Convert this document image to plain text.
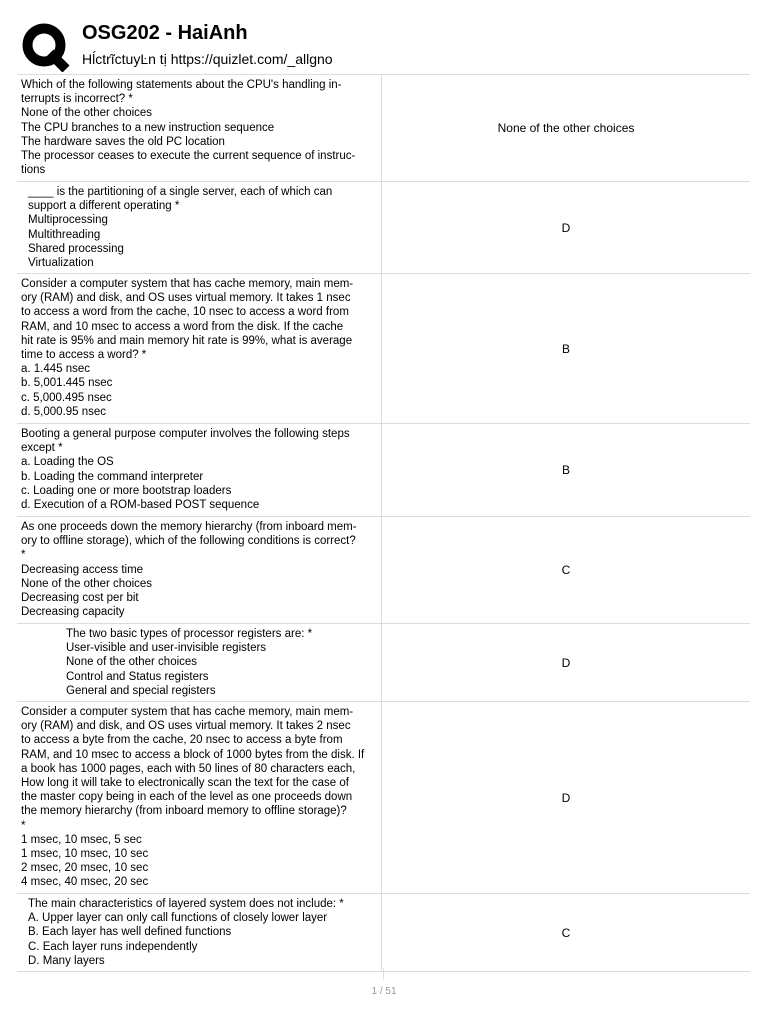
OSG202 - HaiAnh
HĺctrĩctuyĿn tị https://quizlet.com/_allgno
Which of the following statements about the CPU's handling in-
terrupts is incorrect? *
None of the other choices
The CPU branches to a new instruction sequence
The hardware saves the old PC location
The processor ceases to execute the current sequence of instruc-
tions
None of the other choices
____ is the partitioning of a single server, each of which can
support a different operating *
Multiprocessing
Multithreading
Shared processing
Virtualization
D
Consider a computer system that has cache memory, main mem-
ory (RAM) and disk, and OS uses virtual memory. It takes 1 nsec
to access a word from the cache, 10 nsec to access a word from
RAM, and 10 msec to access a word from the disk. If the cache
hit rate is 95% and main memory hit rate is 99%, what is average
time to access a word? *
a. 1.445 nsec
b. 5,001.445 nsec
c. 5,000.495 nsec
d. 5,000.95 nsec
B
Booting a general purpose computer involves the following steps
except *
a. Loading the OS
b. Loading the command interpreter
c. Loading one or more bootstrap loaders
d. Execution of a ROM-based POST sequence
B
As one proceeds down the memory hierarchy (from inboard mem-
ory to offline storage), which of the following conditions is correct?
*
Decreasing access time
None of the other choices
Decreasing cost per bit
Decreasing capacity
C
The two basic types of processor registers are: *
User-visible and user-invisible registers
None of the other choices
Control and Status registers
General and special registers
D
Consider a computer system that has cache memory, main mem-
ory (RAM) and disk, and OS uses virtual memory. It takes 2 nsec
to access a byte from the cache, 20 nsec to access a byte from
RAM, and 10 msec to access a block of 1000 bytes from the disk. If
a book has 1000 pages, each with 50 lines of 80 characters each,
How long it will take to electronically scan the text for the case of
the master copy being in each of the level as one proceeds down
the memory hierarchy (from inboard memory to offline storage)?
*
1 msec, 10 msec, 5 sec
1 msec, 10 msec, 10 sec
2 msec, 20 msec, 10 sec
4 msec, 40 msec, 20 sec
D
The main characteristics of layered system does not include: *
A. Upper layer can only call functions of closely lower layer
B. Each layer has well defined functions
C. Each layer runs independently
D. Many layers
C
1 / 51
